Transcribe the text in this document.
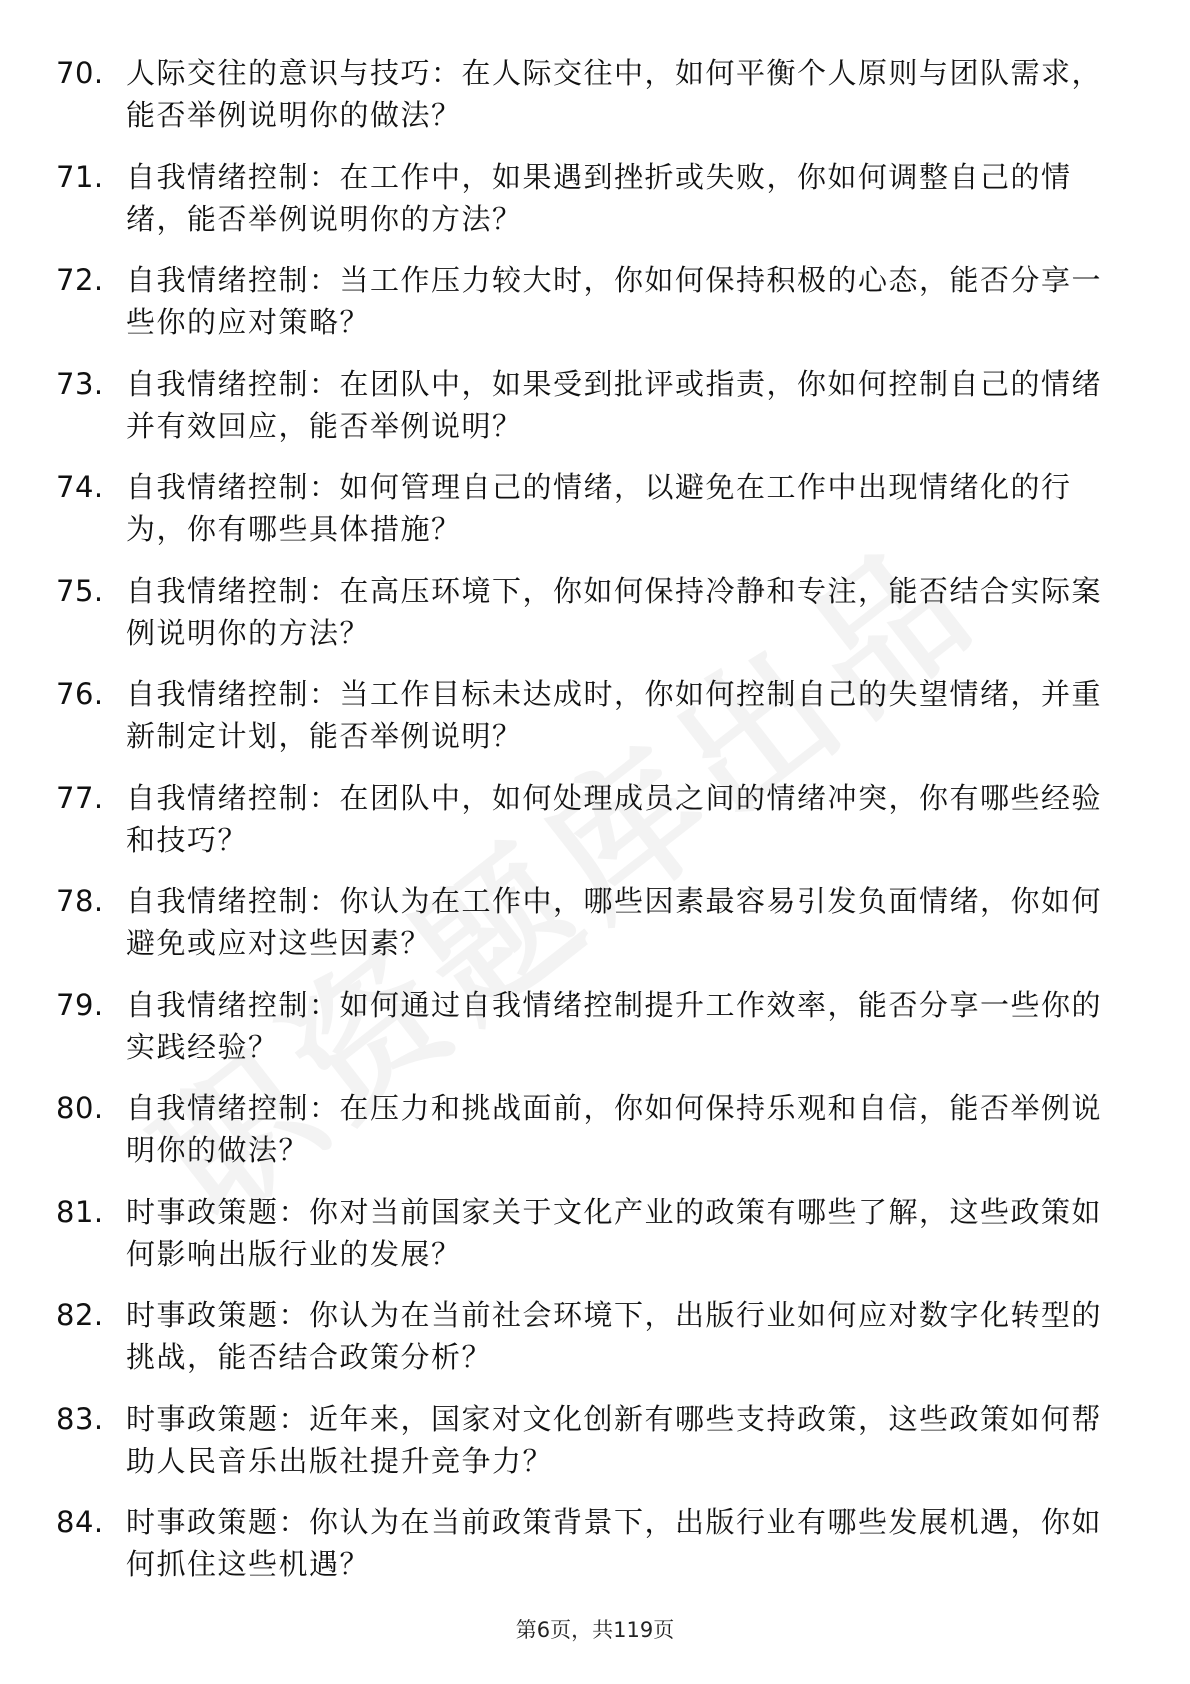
70. 人际交往的意识与技巧：在人际交往中，如何平衡个人原则与团队需求，能否举例说明你的做法？
71. 自我情绪控制：在工作中，如果遇到挫折或失败，你如何调整自己的情绪，能否举例说明你的方法？
72. 自我情绪控制：当工作压力较大时，你如何保持积极的心态，能否分享一些你的应对策略？
73. 自我情绪控制：在团队中，如果受到批评或指责，你如何控制自己的情绪并有效回应，能否举例说明？
74. 自我情绪控制：如何管理自己的情绪，以避免在工作中出现情绪化的行为，你有哪些具体措施？
75. 自我情绪控制：在高压环境下，你如何保持冷静和专注，能否结合实际案例说明你的方法？
76. 自我情绪控制：当工作目标未达成时，你如何控制自己的失望情绪，并重新制定计划，能否举例说明？
77. 自我情绪控制：在团队中，如何处理成员之间的情绪冲突，你有哪些经验和技巧？
78. 自我情绪控制：你认为在工作中，哪些因素最容易引发负面情绪，你如何避免或应对这些因素？
79. 自我情绪控制：如何通过自我情绪控制提升工作效率，能否分享一些你的实践经验？
80. 自我情绪控制：在压力和挑战面前，你如何保持乐观和自信，能否举例说明你的做法？
81. 时事政策题：你对当前国家关于文化产业的政策有哪些了解，这些政策如何影响出版行业的发展？
82. 时事政策题：你认为在当前社会环境下，出版行业如何应对数字化转型的挑战，能否结合政策分析？
83. 时事政策题：近年来，国家对文化创新有哪些支持政策，这些政策如何帮助人民音乐出版社提升竞争力？
84. 时事政策题：你认为在当前政策背景下，出版行业有哪些发展机遇，你如何抓住这些机遇？
第6页，共119页
